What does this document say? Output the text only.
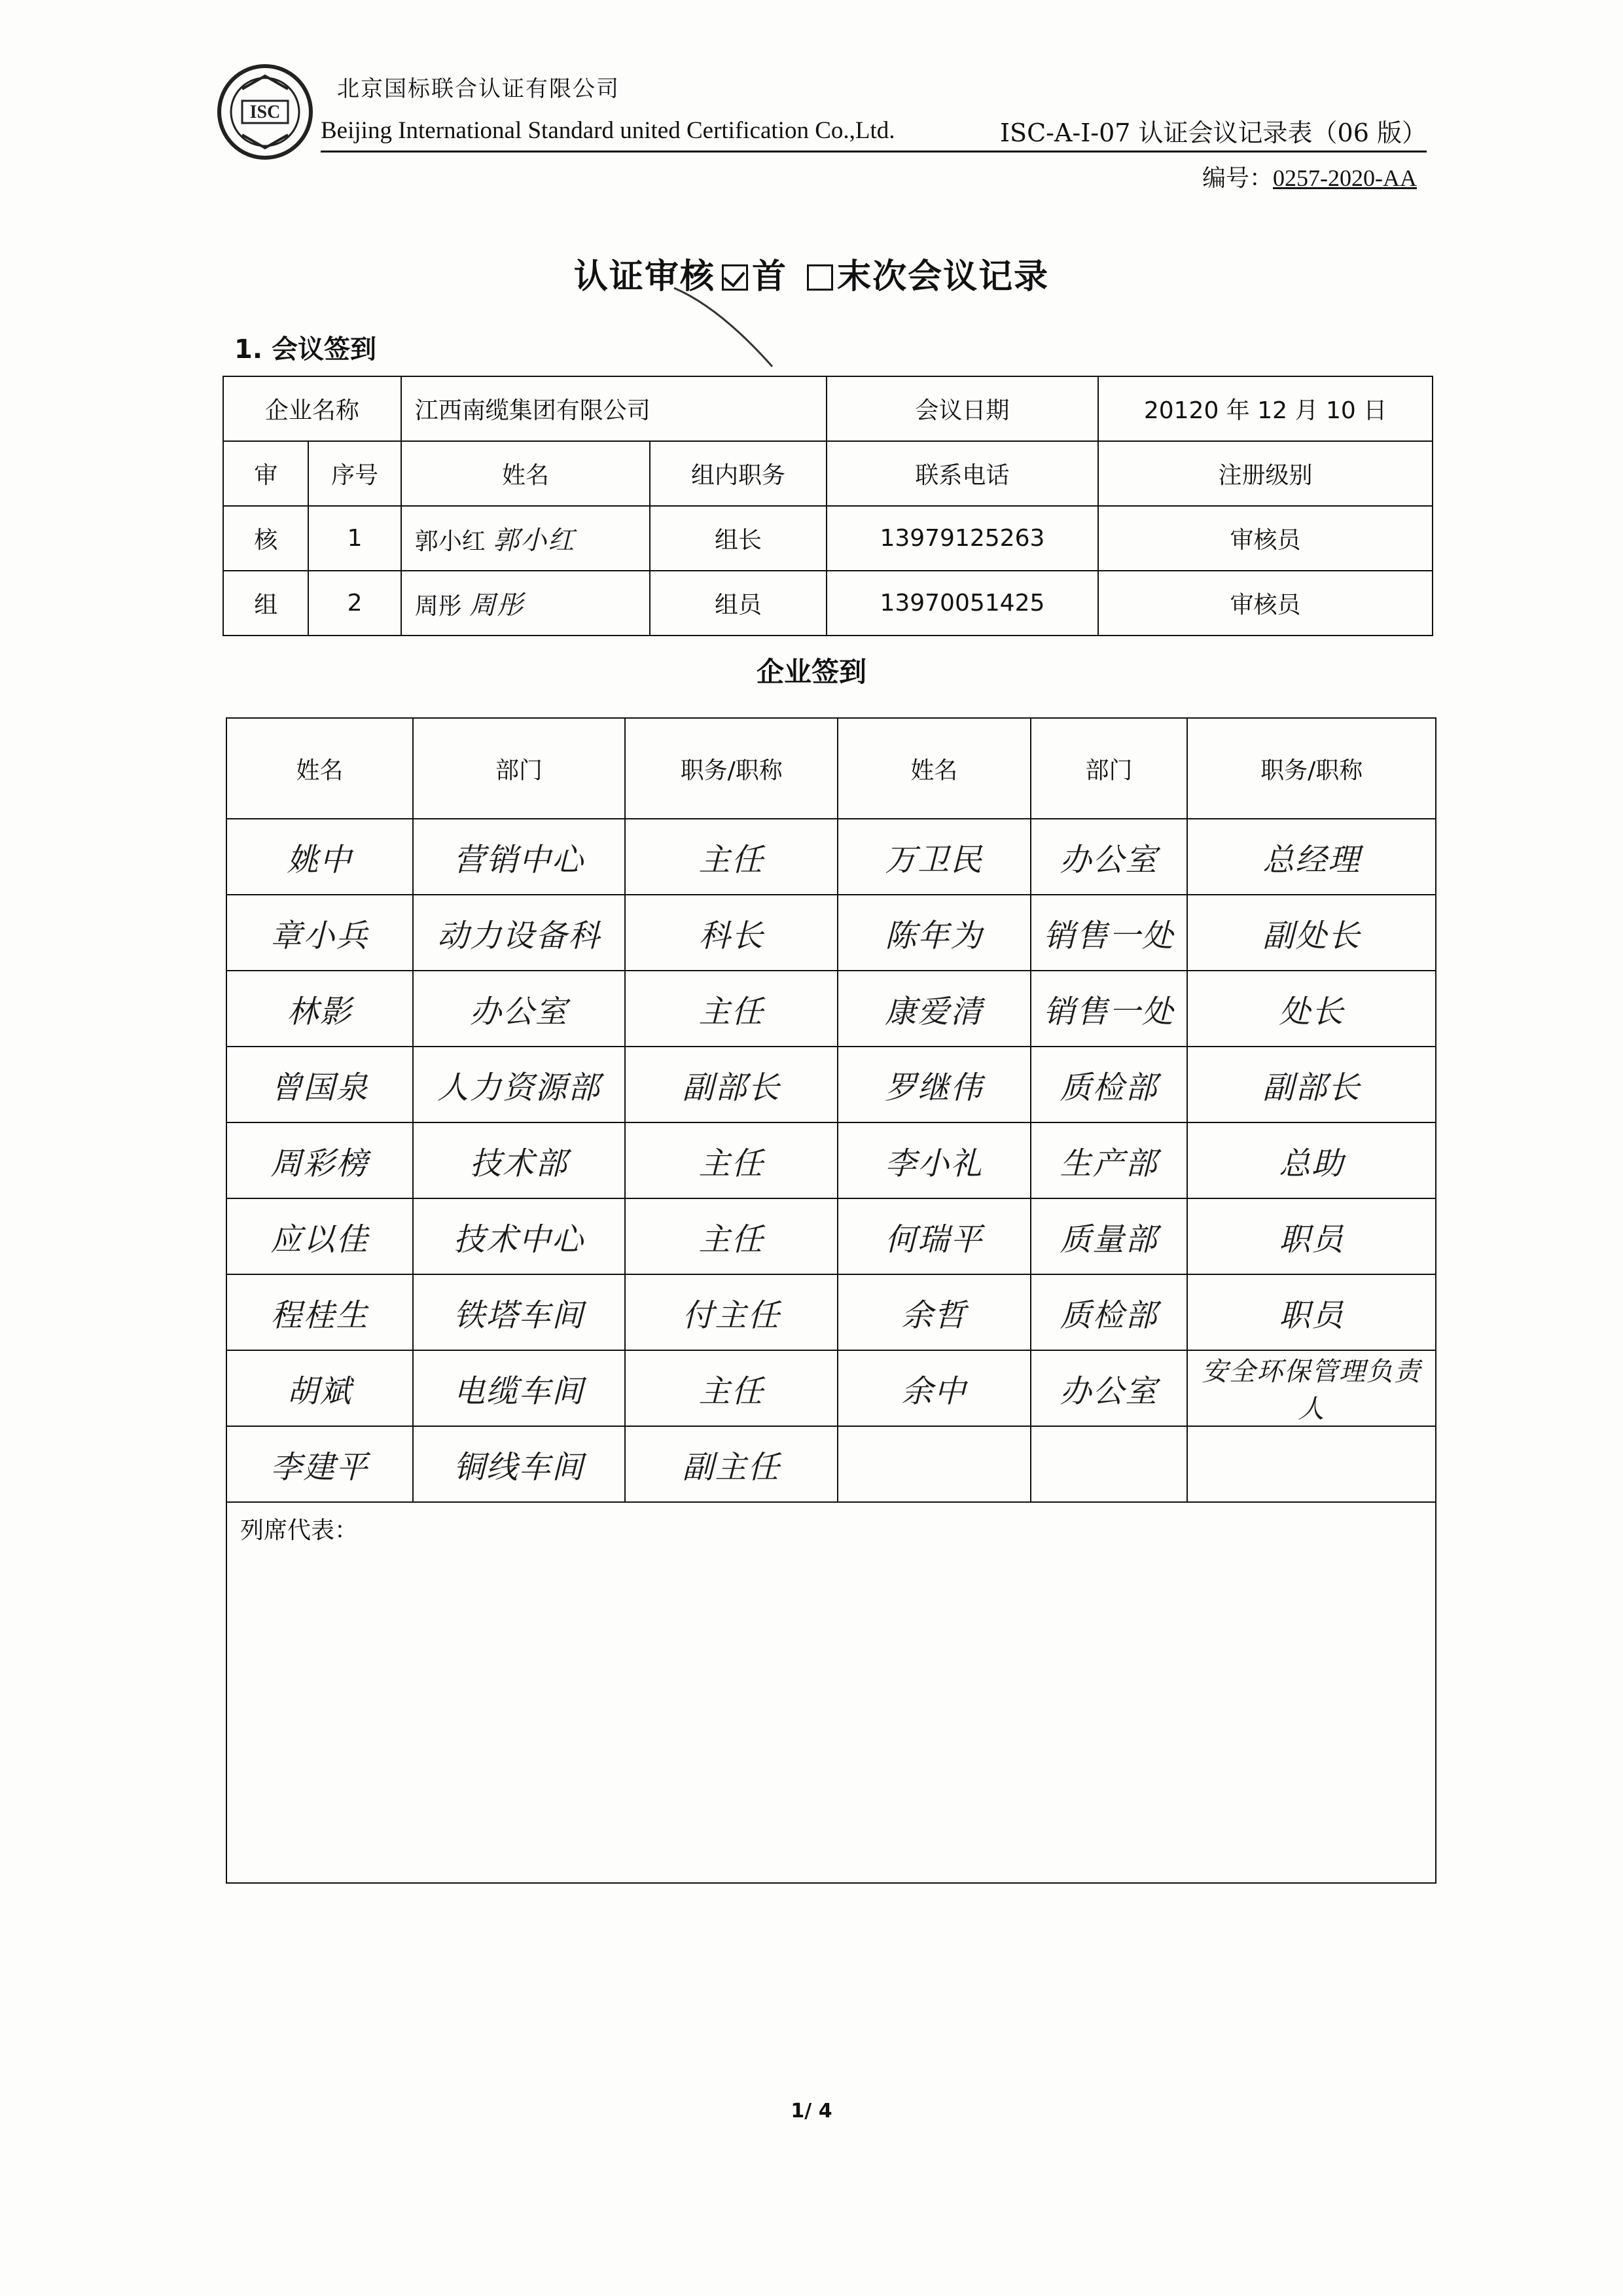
ISC
北京国标联合认证有限公司
Beijing International Standard united Certification Co.,Ltd.	ISC-A-I-07 认证会议记录表（06 版）
编号：0257-2020-AA
认证审核 首 末次会议记录
1. 会议签到
企业名称		江西南缆集团有限公司		会议日期	20120 年 12 月 10 日
审	序号	姓名	组内职务	联系电话	注册级别
核	1	郭小红 郭小红	组长	13979125263	审核员
组	2	周彤 周彤	组员	13970051425	审核员
企业签到
姓名	部门	职务/职称	姓名	部门	职务/职称
姚中	营销中心	主任	万卫民	办公室	总经理
章小兵	动力设备科	科长	陈年为	销售一处	副处长
林影	办公室	主任	康爱清	销售一处	处长
曾国泉	人力资源部	副部长	罗继伟	质检部	副部长
周彩榜	技术部	主任	李小礼	生产部	总助
应以佳	技术中心	主任	何瑞平	质量部	职员
程桂生	铁塔车间	付主任	余哲	质检部	职员
胡斌	电缆车间	主任	余中	办公室	安全环保管理负责人
李建平	铜线车间	副主任			
列席代表：					
1/ 4
